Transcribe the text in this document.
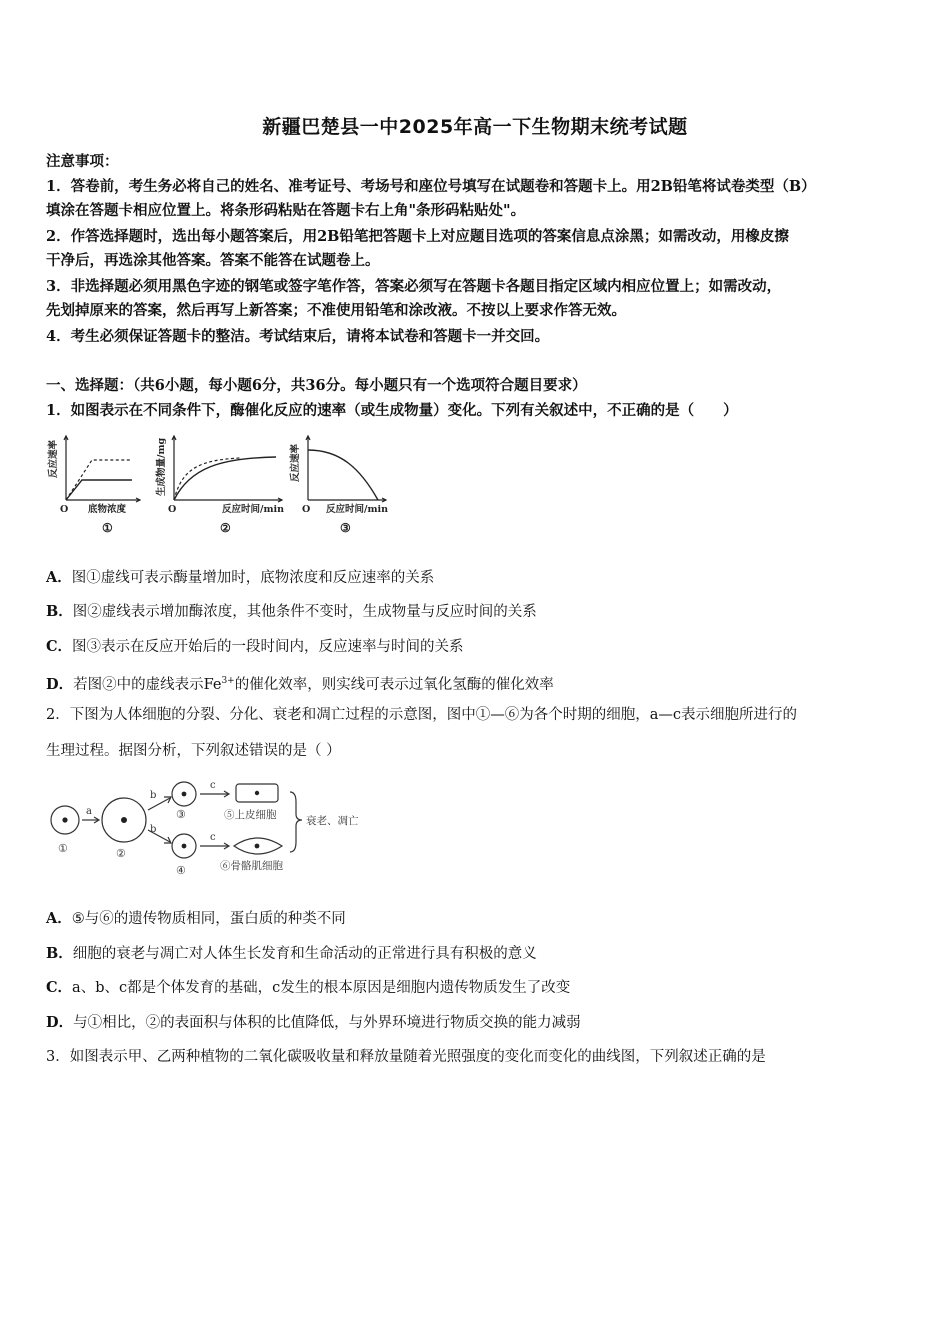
新疆巴楚县一中2025年高一下生物期末统考试题
注意事项：
1．答卷前，考生务必将自己的姓名、准考证号、考场号和座位号填写在试题卷和答题卡上。用2B铅笔将试卷类型（B）
填涂在答题卡相应位置上。将条形码粘贴在答题卡右上角"条形码粘贴处"。
2．作答选择题时，选出每小题答案后，用2B铅笔把答题卡上对应题目选项的答案信息点涂黑；如需改动，用橡皮擦
干净后，再选涂其他答案。答案不能答在试题卷上。
3．非选择题必须用黑色字迹的钢笔或签字笔作答，答案必须写在答题卡各题目指定区域内相应位置上；如需改动，
先划掉原来的答案，然后再写上新答案；不准使用铅笔和涂改液。不按以上要求作答无效。
4．考生必须保证答题卡的整洁。考试结束后，请将本试卷和答题卡一并交回。
一、选择题：（共6小题，每小题6分，共36分。每小题只有一个选项符合题目要求）
1．如图表示在不同条件下，酶催化反应的速率（或生成物量）变化。下列有关叙述中，不正确的是（　　）
反应速率
O 底物浓度
①
生成物量/mg
O	反应时间/min
②
反应速率
O 反应时间/min
③
A．图①虚线可表示酶量增加时，底物浓度和反应速率的关系
B．图②虚线表示增加酶浓度，其他条件不变时，生成物量与反应时间的关系
C．图③表示在反应开始后的一段时间内，反应速率与时间的关系
D．若图②中的虚线表示$Fe^{3+}$的催化效率，则实线可表示过氧化氢酶的催化效率
2．下图为人体细胞的分裂、分化、衰老和凋亡过程的示意图，图中①—⑥为各个时期的细胞，a—c表示细胞所进行的
生理过程。据图分析，下列叙述错误的是（ ）
①	②
③
④
a
b
b
c
c
⑤上皮细胞
⑥骨骼肌细胞
衰老、凋亡
A．⑤与⑥的遗传物质相同，蛋白质的种类不同
B．细胞的衰老与凋亡对人体生长发育和生命活动的正常进行具有积极的意义
C．a、b、c都是个体发育的基础，c发生的根本原因是细胞内遗传物质发生了改变
D．与①相比，②的表面积与体积的比值降低，与外界环境进行物质交换的能力减弱
3．如图表示甲、乙两种植物的二氧化碳吸收量和释放量随着光照强度的变化而变化的曲线图，下列叙述正确的是
